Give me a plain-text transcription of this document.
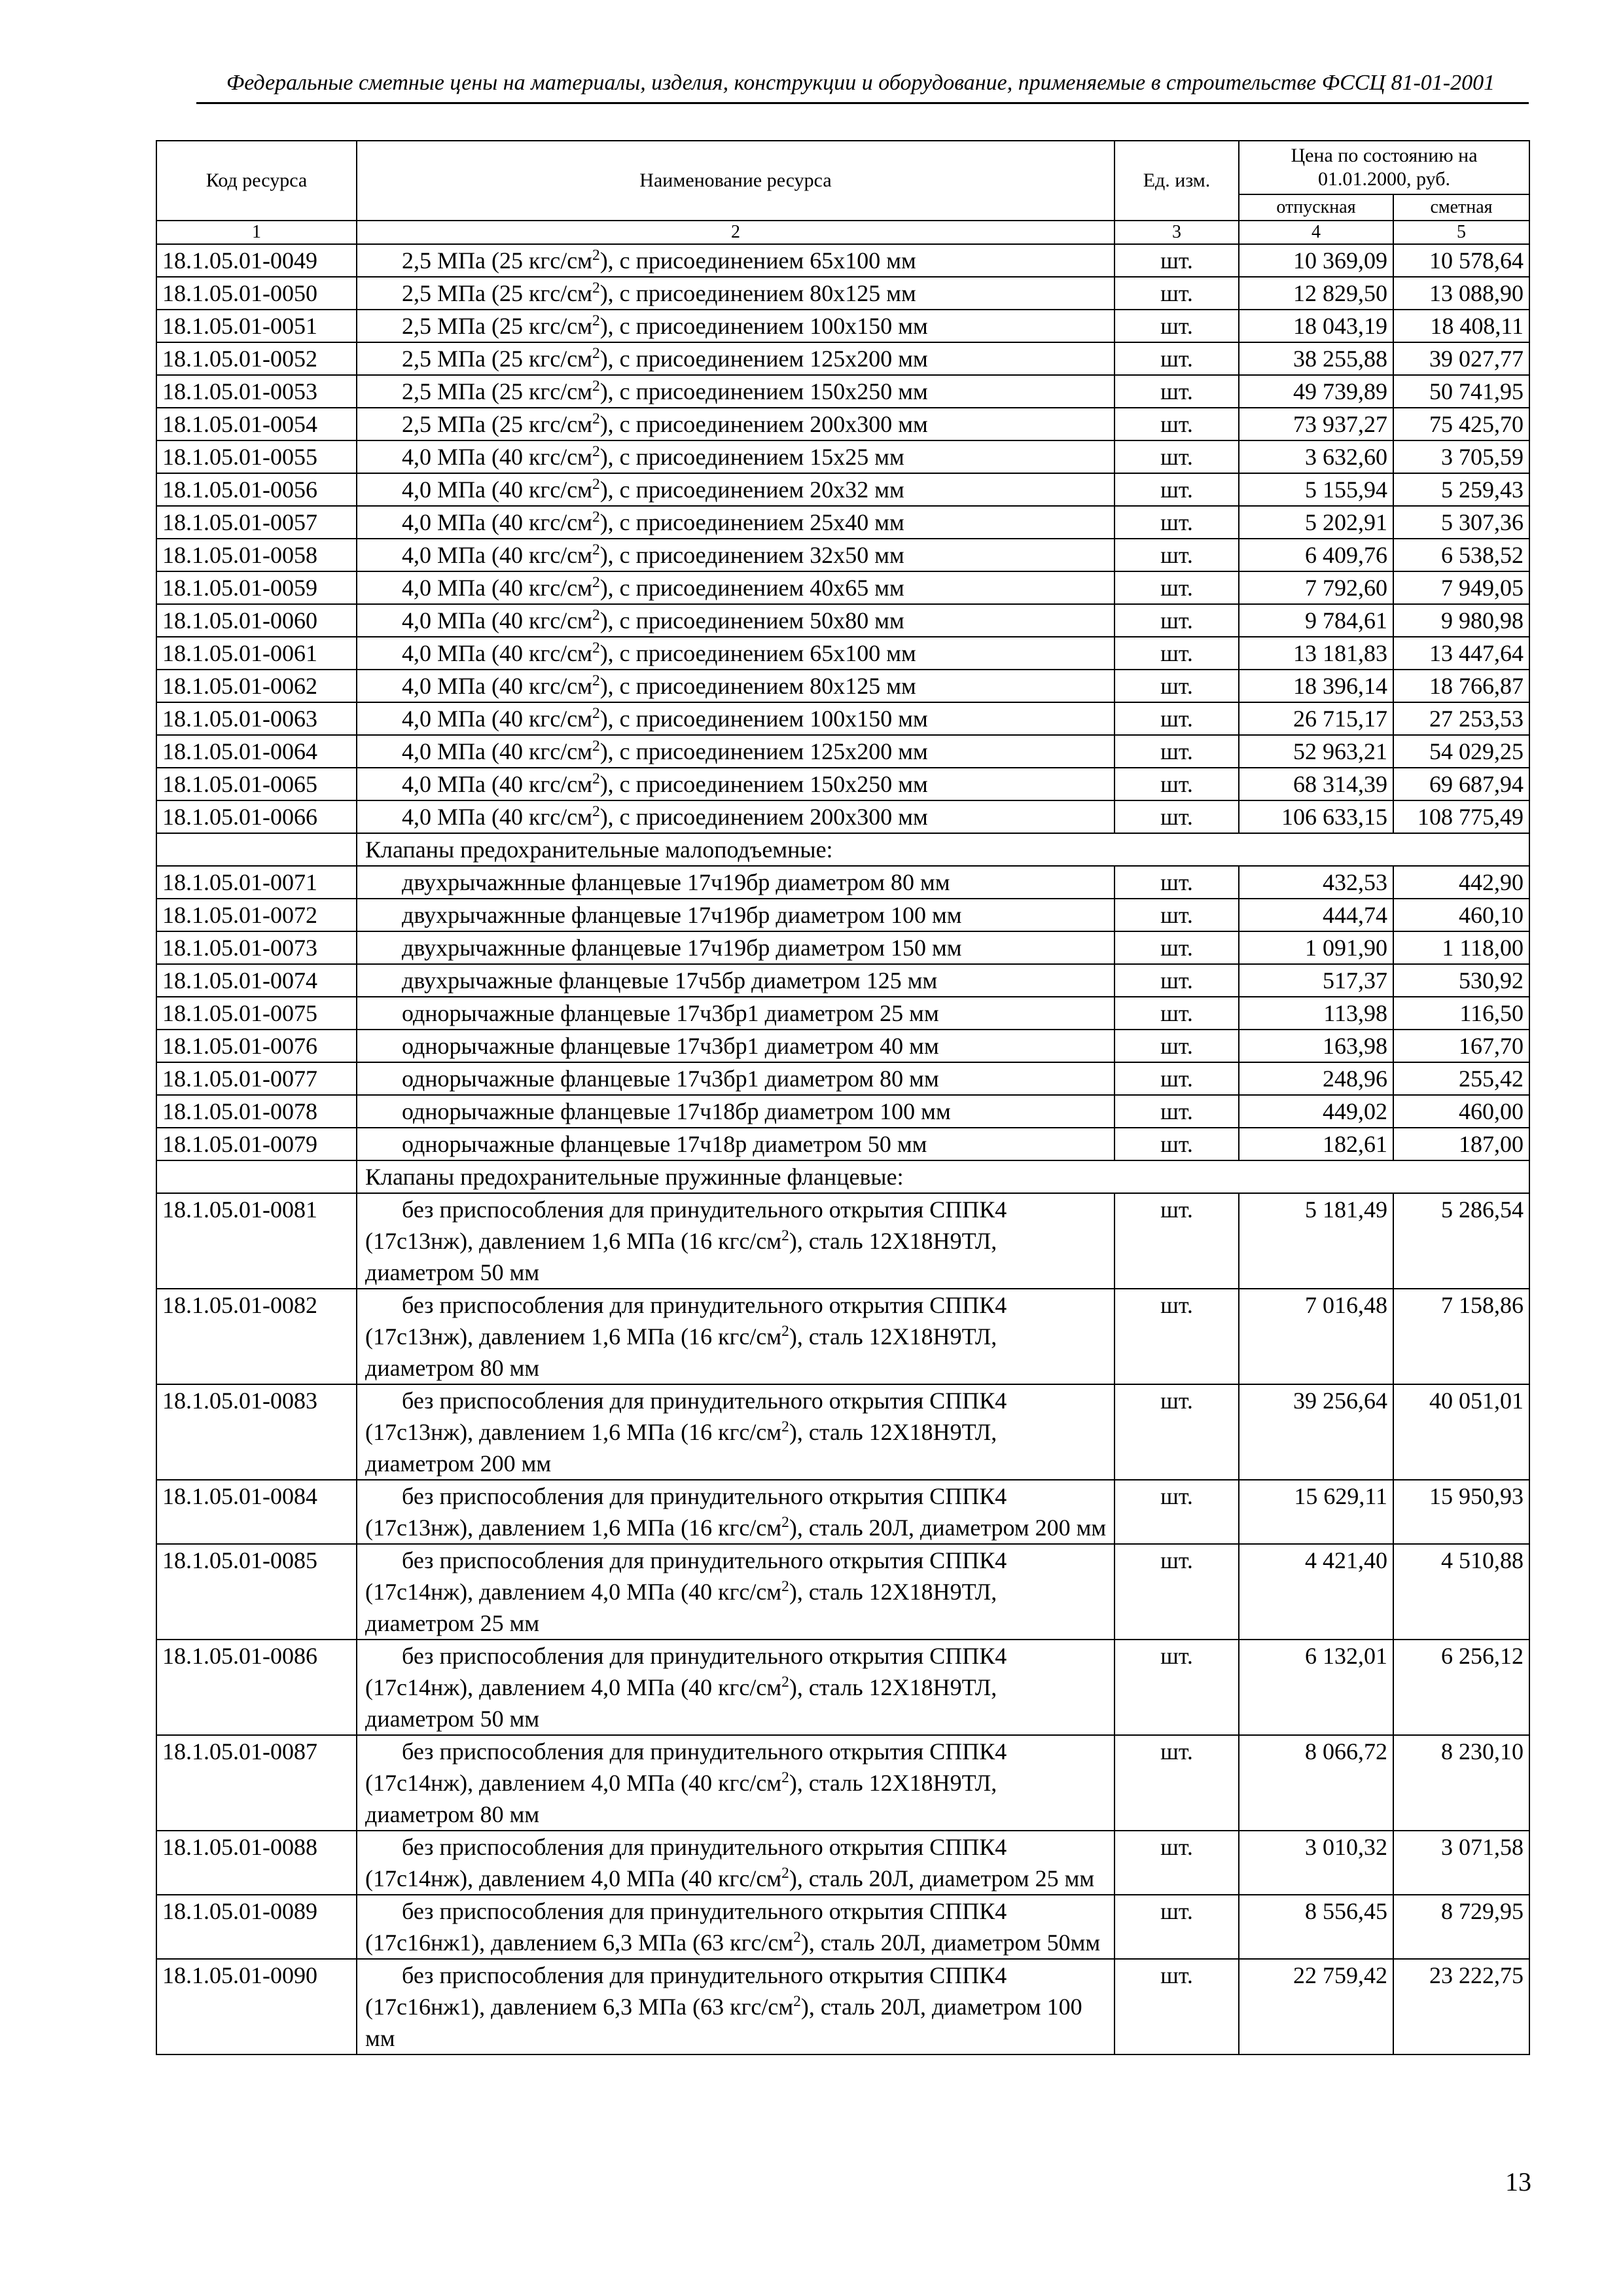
Федеральные сметные цены на материалы, изделия, конструкции и оборудование, применяемые в строительстве ФССЦ 81-01-2001
Код ресурса	Наименование ресурса	Ед. изм.	Цена по состоянию на 01.01.2000, руб.	
			отпускная	сметная
1	2	3	4	5
18.1.05.01-0049	2,5 МПа (25 кгс/$см^2$), с присоединением 65х100 мм	шт.	10 369,09	10 578,64
18.1.05.01-0050	2,5 МПа (25 кгс/$см^2$), с присоединением 80х125 мм	шт.	12 829,50	13 088,90
18.1.05.01-0051	2,5 МПа (25 кгс/$см^2$), с присоединением 100х150 мм	шт.	18 043,19	18 408,11
18.1.05.01-0052	2,5 МПа (25 кгс/$см^2$), с присоединением 125х200 мм	шт.	38 255,88	39 027,77
18.1.05.01-0053	2,5 МПа (25 кгс/$см^2$), с присоединением 150х250 мм	шт.	49 739,89	50 741,95
18.1.05.01-0054	2,5 МПа (25 кгс/$см^2$), с присоединением 200х300 мм	шт.	73 937,27	75 425,70
18.1.05.01-0055	4,0 МПа (40 кгс/$см^2$), с присоединением 15х25 мм	шт.	3 632,60	3 705,59
18.1.05.01-0056	4,0 МПа (40 кгс/$см^2$), с присоединением 20х32 мм	шт.	5 155,94	5 259,43
18.1.05.01-0057	4,0 МПа (40 кгс/$см^2$), с присоединением 25х40 мм	шт.	5 202,91	5 307,36
18.1.05.01-0058	4,0 МПа (40 кгс/$см^2$), с присоединением 32х50 мм	шт.	6 409,76	6 538,52
18.1.05.01-0059	4,0 МПа (40 кгс/$см^2$), с присоединением 40х65 мм	шт.	7 792,60	7 949,05
18.1.05.01-0060	4,0 МПа (40 кгс/$см^2$), с присоединением 50х80 мм	шт.	9 784,61	9 980,98
18.1.05.01-0061	4,0 МПа (40 кгс/$см^2$), с присоединением 65х100 мм	шт.	13 181,83	13 447,64
18.1.05.01-0062	4,0 МПа (40 кгс/$см^2$), с присоединением 80х125 мм	шт.	18 396,14	18 766,87
18.1.05.01-0063	4,0 МПа (40 кгс/$см^2$), с присоединением 100х150 мм	шт.	26 715,17	27 253,53
18.1.05.01-0064	4,0 МПа (40 кгс/$см^2$), с присоединением 125х200 мм	шт.	52 963,21	54 029,25
18.1.05.01-0065	4,0 МПа (40 кгс/$см^2$), с присоединением 150х250 мм	шт.	68 314,39	69 687,94
18.1.05.01-0066	4,0 МПа (40 кгс/$см^2$), с присоединением 200х300 мм	шт.	106 633,15	108 775,49
	Клапаны предохранительные малоподъемные:			
18.1.05.01-0071	двухрычажнные фланцевые 17ч19бр диаметром 80 мм	шт.	432,53	442,90
18.1.05.01-0072	двухрычажнные фланцевые 17ч19бр диаметром 100 мм	шт.	444,74	460,10
18.1.05.01-0073	двухрычажнные фланцевые 17ч19бр диаметром 150 мм	шт.	1 091,90	1 118,00
18.1.05.01-0074	двухрычажные фланцевые 17ч5бр диаметром 125 мм	шт.	517,37	530,92
18.1.05.01-0075	однорычажные фланцевые 17ч3бр1 диаметром 25 мм	шт.	113,98	116,50
18.1.05.01-0076	однорычажные фланцевые 17ч3бр1 диаметром 40 мм	шт.	163,98	167,70
18.1.05.01-0077	однорычажные фланцевые 17ч3бр1 диаметром 80 мм	шт.	248,96	255,42
18.1.05.01-0078	однорычажные фланцевые 17ч18бр диаметром 100 мм	шт.	449,02	460,00
18.1.05.01-0079	однорычажные фланцевые 17ч18р диаметром 50 мм	шт.	182,61	187,00
	Клапаны предохранительные пружинные фланцевые:			
18.1.05.01-0081	без приспособления для принудительного открытия СППК4 (17с13нж), давлением 1,6 МПа (16 кгс/$см^2$), сталь 12Х18Н9ТЛ, диаметром 50 мм	шт.	5 181,49	5 286,54
18.1.05.01-0082	без приспособления для принудительного открытия СППК4 (17с13нж), давлением 1,6 МПа (16 кгс/$см^2$), сталь 12Х18Н9ТЛ, диаметром 80 мм	шт.	7 016,48	7 158,86
18.1.05.01-0083	без приспособления для принудительного открытия СППК4 (17с13нж), давлением 1,6 МПа (16 кгс/$см^2$), сталь 12Х18Н9ТЛ, диаметром 200 мм	шт.	39 256,64	40 051,01
18.1.05.01-0084	без приспособления для принудительного открытия СППК4 (17с13нж), давлением 1,6 МПа (16 кгс/$см^2$), сталь 20Л, диаметром 200 мм	шт.	15 629,11	15 950,93
18.1.05.01-0085	без приспособления для принудительного открытия СППК4 (17с14нж), давлением 4,0 МПа (40 кгс/$см^2$), сталь 12Х18Н9ТЛ, диаметром 25 мм	шт.	4 421,40	4 510,88
18.1.05.01-0086	без приспособления для принудительного открытия СППК4 (17с14нж), давлением 4,0 МПа (40 кгс/$см^2$), сталь 12Х18Н9ТЛ, диаметром 50 мм	шт.	6 132,01	6 256,12
18.1.05.01-0087	без приспособления для принудительного открытия СППК4 (17с14нж), давлением 4,0 МПа (40 кгс/$см^2$), сталь 12Х18Н9ТЛ, диаметром 80 мм	шт.	8 066,72	8 230,10
18.1.05.01-0088	без приспособления для принудительного открытия СППК4 (17с14нж), давлением 4,0 МПа (40 кгс/$см^2$), сталь 20Л, диаметром 25 мм	шт.	3 010,32	3 071,58
18.1.05.01-0089	без приспособления для принудительного открытия СППК4 (17с16нж1), давлением 6,3 МПа (63 кгс/$см^2$), сталь 20Л, диаметром 50мм	шт.	8 556,45	8 729,95
18.1.05.01-0090	без приспособления для принудительного открытия СППК4 (17с16нж1), давлением 6,3 МПа (63 кгс/$см^2$), сталь 20Л, диаметром 100 мм	шт.	22 759,42	23 222,75
13
